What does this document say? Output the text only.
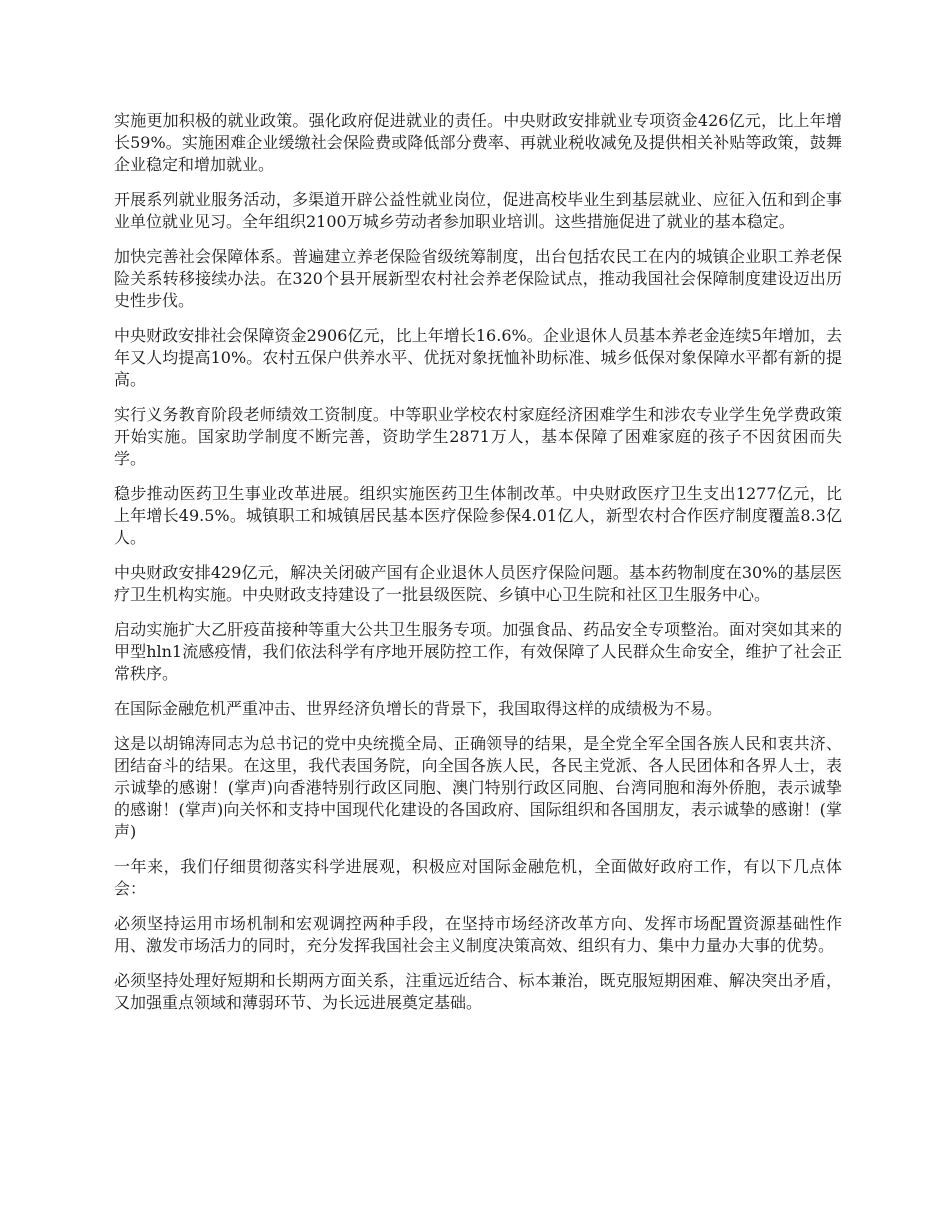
实施更加积极的就业政策。强化政府促进就业的责任。中央财政安排就业专项资金426亿元，比上年增长59%。实施困难企业缓缴社会保险费或降低部分费率、再就业税收减免及提供相关补贴等政策，鼓舞企业稳定和增加就业。

开展系列就业服务活动，多渠道开辟公益性就业岗位，促进高校毕业生到基层就业、应征入伍和到企事业单位就业见习。全年组织2100万城乡劳动者参加职业培训。这些措施促进了就业的基本稳定。

加快完善社会保障体系。普遍建立养老保险省级统筹制度，出台包括农民工在内的城镇企业职工养老保险关系转移接续办法。在320个县开展新型农村社会养老保险试点，推动我国社会保障制度建设迈出历史性步伐。

中央财政安排社会保障资金2906亿元，比上年增长16.6%。企业退休人员基本养老金连续5年增加，去年又人均提高10%。农村五保户供养水平、优抚对象抚恤补助标准、城乡低保对象保障水平都有新的提高。

实行义务教育阶段老师绩效工资制度。中等职业学校农村家庭经济困难学生和涉农专业学生免学费政策开始实施。国家助学制度不断完善，资助学生2871万人，基本保障了困难家庭的孩子不因贫困而失学。

稳步推动医药卫生事业改革进展。组织实施医药卫生体制改革。中央财政医疗卫生支出1277亿元，比上年增长49.5%。城镇职工和城镇居民基本医疗保险参保4.01亿人，新型农村合作医疗制度覆盖8.3亿人。

中央财政安排429亿元，解决关闭破产国有企业退休人员医疗保险问题。基本药物制度在30%的基层医疗卫生机构实施。中央财政支持建设了一批县级医院、乡镇中心卫生院和社区卫生服务中心。

启动实施扩大乙肝疫苗接种等重大公共卫生服务专项。加强食品、药品安全专项整治。面对突如其来的甲型hln1流感疫情，我们依法科学有序地开展防控工作，有效保障了人民群众生命安全，维护了社会正常秩序。

在国际金融危机严重冲击、世界经济负增长的背景下，我国取得这样的成绩极为不易。

这是以胡锦涛同志为总书记的党中央统揽全局、正确领导的结果，是全党全军全国各族人民和衷共济、团结奋斗的结果。在这里，我代表国务院，向全国各族人民，各民主党派、各人民团体和各界人士，表示诚挚的感谢！(掌声)向香港特别行政区同胞、澳门特别行政区同胞、台湾同胞和海外侨胞，表示诚挚的感谢！(掌声)向关怀和支持中国现代化建设的各国政府、国际组织和各国朋友，表示诚挚的感谢！(掌声)

一年来，我们仔细贯彻落实科学进展观，积极应对国际金融危机，全面做好政府工作，有以下几点体会：

必须坚持运用市场机制和宏观调控两种手段，在坚持市场经济改革方向、发挥市场配置资源基础性作用、激发市场活力的同时，充分发挥我国社会主义制度决策高效、组织有力、集中力量办大事的优势。

必须坚持处理好短期和长期两方面关系，注重远近结合、标本兼治，既克服短期困难、解决突出矛盾，又加强重点领域和薄弱环节、为长远进展奠定基础。
